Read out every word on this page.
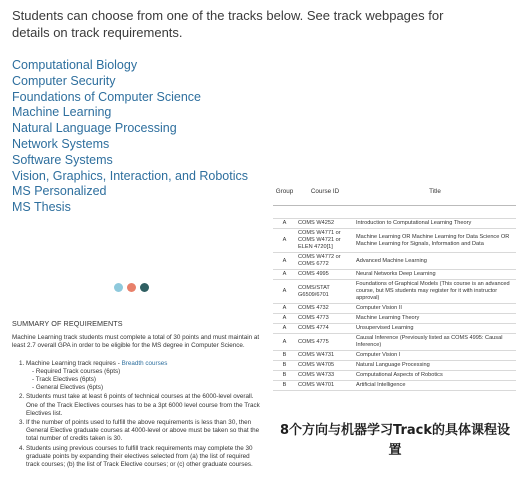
Students can choose from one of the tracks below. See track webpages for details on track requirements.
Computational Biology
Computer Security
Foundations of Computer Science
Machine Learning
Natural Language Processing
Network Systems
Software Systems
Vision, Graphics, Interaction, and Robotics
MS Personalized
MS Thesis
SUMMARY OF REQUIREMENTS
Machine Learning track students must complete a total of 30 points and must maintain at least 2.7 overall GPA in order to be eligible for the MS degree in Computer Science.
1. Machine Learning track requires - Breadth courses
- Required Track courses (6pts)
- Track Electives (6pts)
- General Electives (6pts)
2. Students must take at least 6 points of technical courses at the 6000-level overall. One of the Track Electives courses has to be a 3pt 6000 level course from the Track Electives list.
3. If the number of points used to fulfill the above requirements is less than 30, then General Elective graduate courses at 4000-level or above must be taken so that the total number of credits taken is 30.
4. Students using previous courses to fulfill track requirements may complete the 30 graduate points by expanding their electives selected from (a) the list of required track courses; (b) the list of Track Elective courses; or (c) other graduate courses.
Group	Course ID	Title

A	COMS W4252	Introduction to Computational Learning Theory
A	COMS W4771 or COMS W4721 or ELEN 4720[1]	Machine Learning OR Machine Learning for Data Science OR Machine Learning for Signals, Information and Data
A	COMS W4772 or COMS 6772	Advanced Machine Learning
A	COMS 4995	Neural Networks Deep Learning
A	COMS/STAT G6509/6701	Foundations of Graphical Models (This course is an advanced course, but MS students may register for it with instructor approval)
A	COMS 4732	Computer Vision II
A	COMS 4773	Machine Learning Theory
A	COMS 4774	Unsupervised Learning
A	COMS 4775	Causal Inference (Previously listed as COMS 4995: Causal Inference)
B	COMS W4731	Computer Vision I
B	COMS W4705	Natural Language Processing
B	COMS W4733	Computational Aspects of Robotics
B	COMS W4701	Artificial Intelligence
8个方向与机器学习Track的具体课程设置
